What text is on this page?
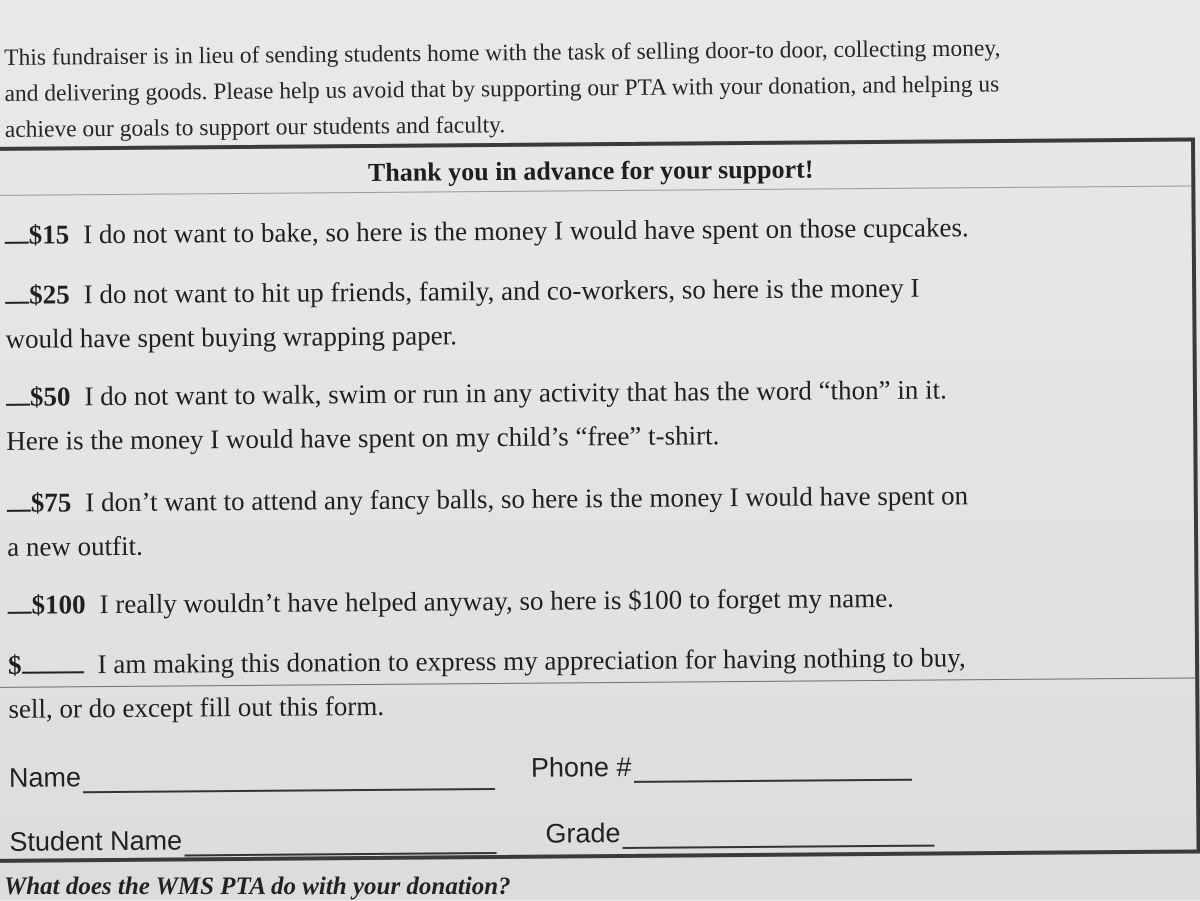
This fundraiser is in lieu of sending students home with the task of selling door-to door, collecting money,
and delivering goods. Please help us avoid that by supporting our PTA with your donation, and helping us
achieve our goals to support our students and faculty.
Thank you in advance for your support!
$15 I do not want to bake, so here is the money I would have spent on those cupcakes.
$25 I do not want to hit up friends, family, and co-workers, so here is the money I
would have spent buying wrapping paper.
$50 I do not want to walk, swim or run in any activity that has the word “thon” in it.
Here is the money I would have spent on my child’s “free” t-shirt.
$75 I don’t want to attend any fancy balls, so here is the money I would have spent on
a new outfit.
$100 I really wouldn’t have helped anyway, so here is $100 to forget my name.
$	I am making this donation to express my appreciation for having nothing to buy,
sell, or do except fill out this form.
Name	Phone #
Student Name	Grade
What does the WMS PTA do with your donation?
